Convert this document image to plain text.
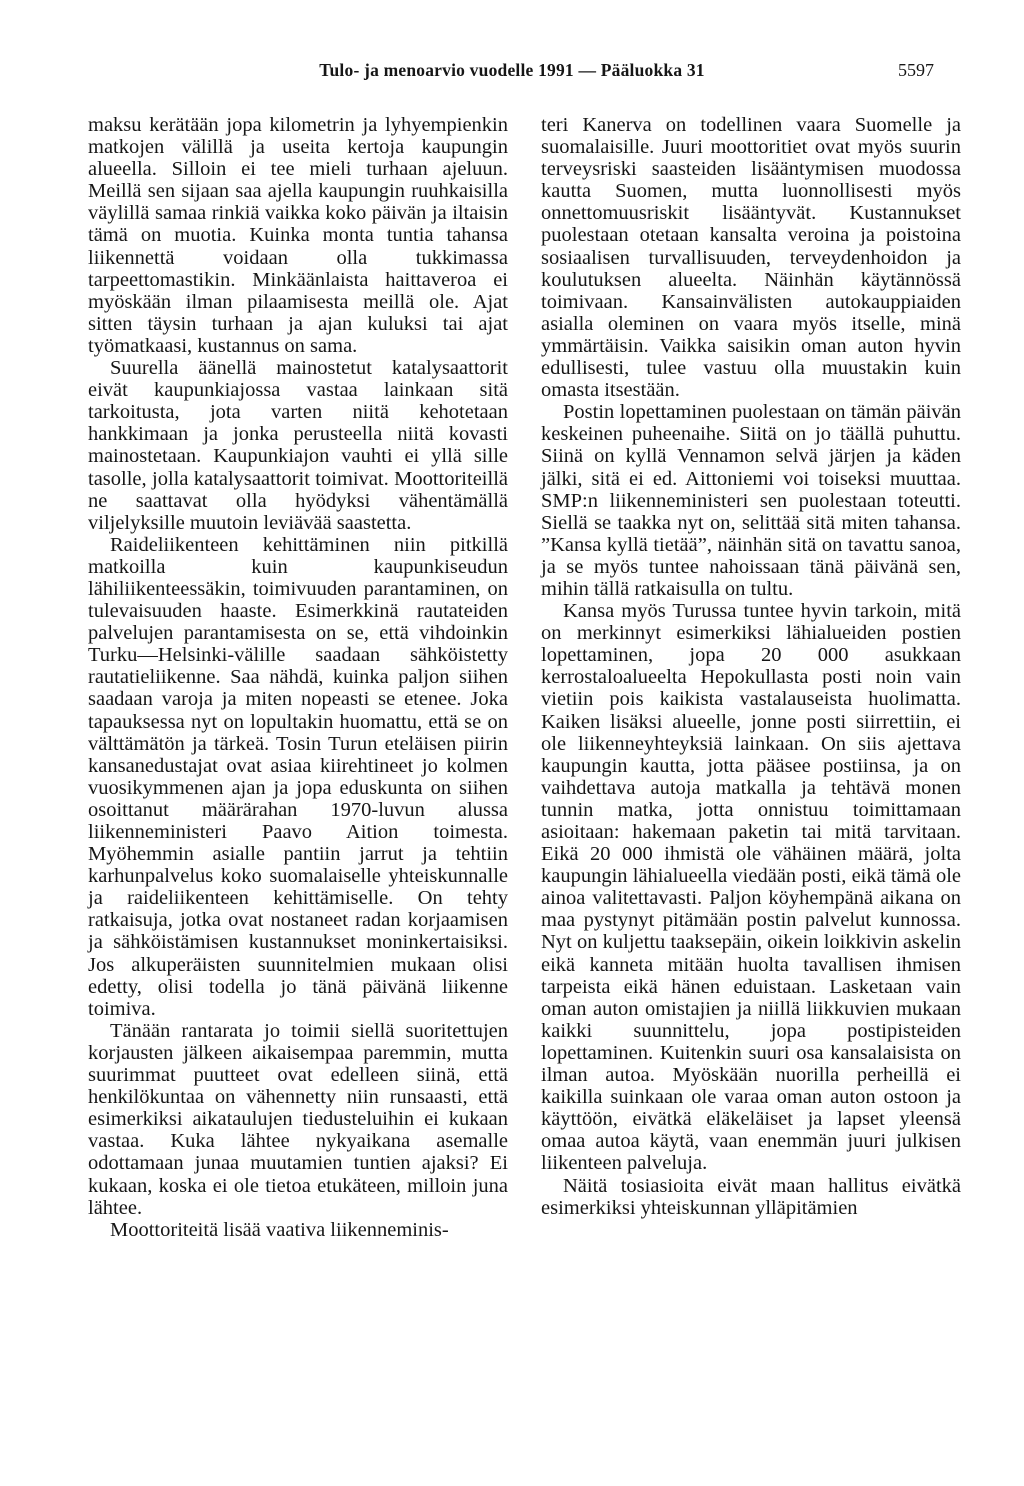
Tulo- ja menoarvio vuodelle 1991 — Pääluokka 31	5597

maksu kerätään jopa kilometrin ja lyhyempienkin matkojen välillä ja useita kertoja kaupungin alueella. Silloin ei tee mieli turhaan ajeluun. Meillä sen sijaan saa ajella kaupungin ruuhkaisilla väylillä samaa rinkiä vaikka koko päivän ja iltaisin tämä on muotia. Kuinka monta tuntia tahansa liikennettä voidaan olla tukkimassa tarpeettomastikin. Minkäänlaista haittaveroa ei myöskään ilman pilaamisesta meillä ole. Ajat sitten täysin turhaan ja ajan kuluksi tai ajat työmatkaasi, kustannus on sama.

Suurella äänellä mainostetut katalysaattorit eivät kaupunkiajossa vastaa lainkaan sitä tarkoitusta, jota varten niitä kehotetaan hankkimaan ja jonka perusteella niitä kovasti mainostetaan. Kaupunkiajon vauhti ei yllä sille tasolle, jolla katalysaattorit toimivat. Moottoriteillä ne saattavat olla hyödyksi vähentämällä viljelyksille muutoin leviävää saastetta.

Raideliikenteen kehittäminen niin pitkillä matkoilla kuin kaupunkiseudun lähiliikenteessäkin, toimivuuden parantaminen, on tulevaisuuden haaste. Esimerkkinä rautateiden palvelujen parantamisesta on se, että vihdoinkin Turku—Helsinki-välille saadaan sähköistetty rautatieliikenne. Saa nähdä, kuinka paljon siihen saadaan varoja ja miten nopeasti se etenee. Joka tapauksessa nyt on lopultakin huomattu, että se on välttämätön ja tärkeä. Tosin Turun eteläisen piirin kansanedustajat ovat asiaa kiirehtineet jo kolmen vuosikymmenen ajan ja jopa eduskunta on siihen osoittanut määrärahan 1970-luvun alussa liikenneministeri Paavo Aition toimesta. Myöhemmin asialle pantiin jarrut ja tehtiin karhunpalvelus koko suomalaiselle yhteiskunnalle ja raideliikenteen kehittämiselle. On tehty ratkaisuja, jotka ovat nostaneet radan korjaamisen ja sähköistämisen kustannukset moninkertaisiksi. Jos alkuperäisten suunnitelmien mukaan olisi edetty, olisi todella jo tänä päivänä liikenne toimiva.

Tänään rantarata jo toimii siellä suoritettujen korjausten jälkeen aikaisempaa paremmin, mutta suurimmat puutteet ovat edelleen siinä, että henkilökuntaa on vähennetty niin runsaasti, että esimerkiksi aikataulujen tiedusteluihin ei kukaan vastaa. Kuka lähtee nykyaikana asemalle odottamaan junaa muutamien tuntien ajaksi? Ei kukaan, koska ei ole tietoa etukäteen, milloin juna lähtee.

Moottoriteitä lisää vaativa liikenneminis-

teri Kanerva on todellinen vaara Suomelle ja suomalaisille. Juuri moottoritiet ovat myös suurin terveysriski saasteiden lisääntymisen muodossa kautta Suomen, mutta luonnollisesti myös onnettomuusriskit lisääntyvät. Kustannukset puolestaan otetaan kansalta veroina ja poistoina sosiaalisen turvallisuuden, terveydenhoidon ja koulutuksen alueelta. Näinhän käytännössä toimivaan. Kansainvälisten autokauppiaiden asialla oleminen on vaara myös itselle, minä ymmärtäisin. Vaikka saisikin oman auton hyvin edullisesti, tulee vastuu olla muustakin kuin omasta itsestään.

Postin lopettaminen puolestaan on tämän päivän keskeinen puheenaihe. Siitä on jo täällä puhuttu. Siinä on kyllä Vennamon selvä järjen ja käden jälki, sitä ei ed. Aittoniemi voi toiseksi muuttaa. SMP:n liikenneministeri sen puolestaan toteutti. Siellä se taakka nyt on, selittää sitä miten tahansa. ”Kansa kyllä tietää”, näinhän sitä on tavattu sanoa, ja se myös tuntee nahoissaan tänä päivänä sen, mihin tällä ratkaisulla on tultu.

Kansa myös Turussa tuntee hyvin tarkoin, mitä on merkinnyt esimerkiksi lähialueiden postien lopettaminen, jopa 20 000 asukkaan kerrostaloalueelta Hepokullasta posti noin vain vietiin pois kaikista vastalauseista huolimatta. Kaiken lisäksi alueelle, jonne posti siirrettiin, ei ole liikenneyhteyksiä lainkaan. On siis ajettava kaupungin kautta, jotta pääsee postiinsa, ja on vaihdettava autoja matkalla ja tehtävä monen tunnin matka, jotta onnistuu toimittamaan asioitaan: hakemaan paketin tai mitä tarvitaan. Eikä 20 000 ihmistä ole vähäinen määrä, jolta kaupungin lähialueella viedään posti, eikä tämä ole ainoa valitettavasti. Paljon köyhempänä aikana on maa pystynyt pitämään postin palvelut kunnossa. Nyt on kuljettu taaksepäin, oikein loikkivin askelin eikä kanneta mitään huolta tavallisen ihmisen tarpeista eikä hänen eduistaan. Lasketaan vain oman auton omistajien ja niillä liikkuvien mukaan kaikki suunnittelu, jopa postipisteiden lopettaminen. Kuitenkin suuri osa kansalaisista on ilman autoa. Myöskään nuorilla perheillä ei kaikilla suinkaan ole varaa oman auton ostoon ja käyttöön, eivätkä eläkeläiset ja lapset yleensä omaa autoa käytä, vaan enemmän juuri julkisen liikenteen palveluja.

Näitä tosiasioita eivät maan hallitus eivätkä esimerkiksi yhteiskunnan ylläpitämien
